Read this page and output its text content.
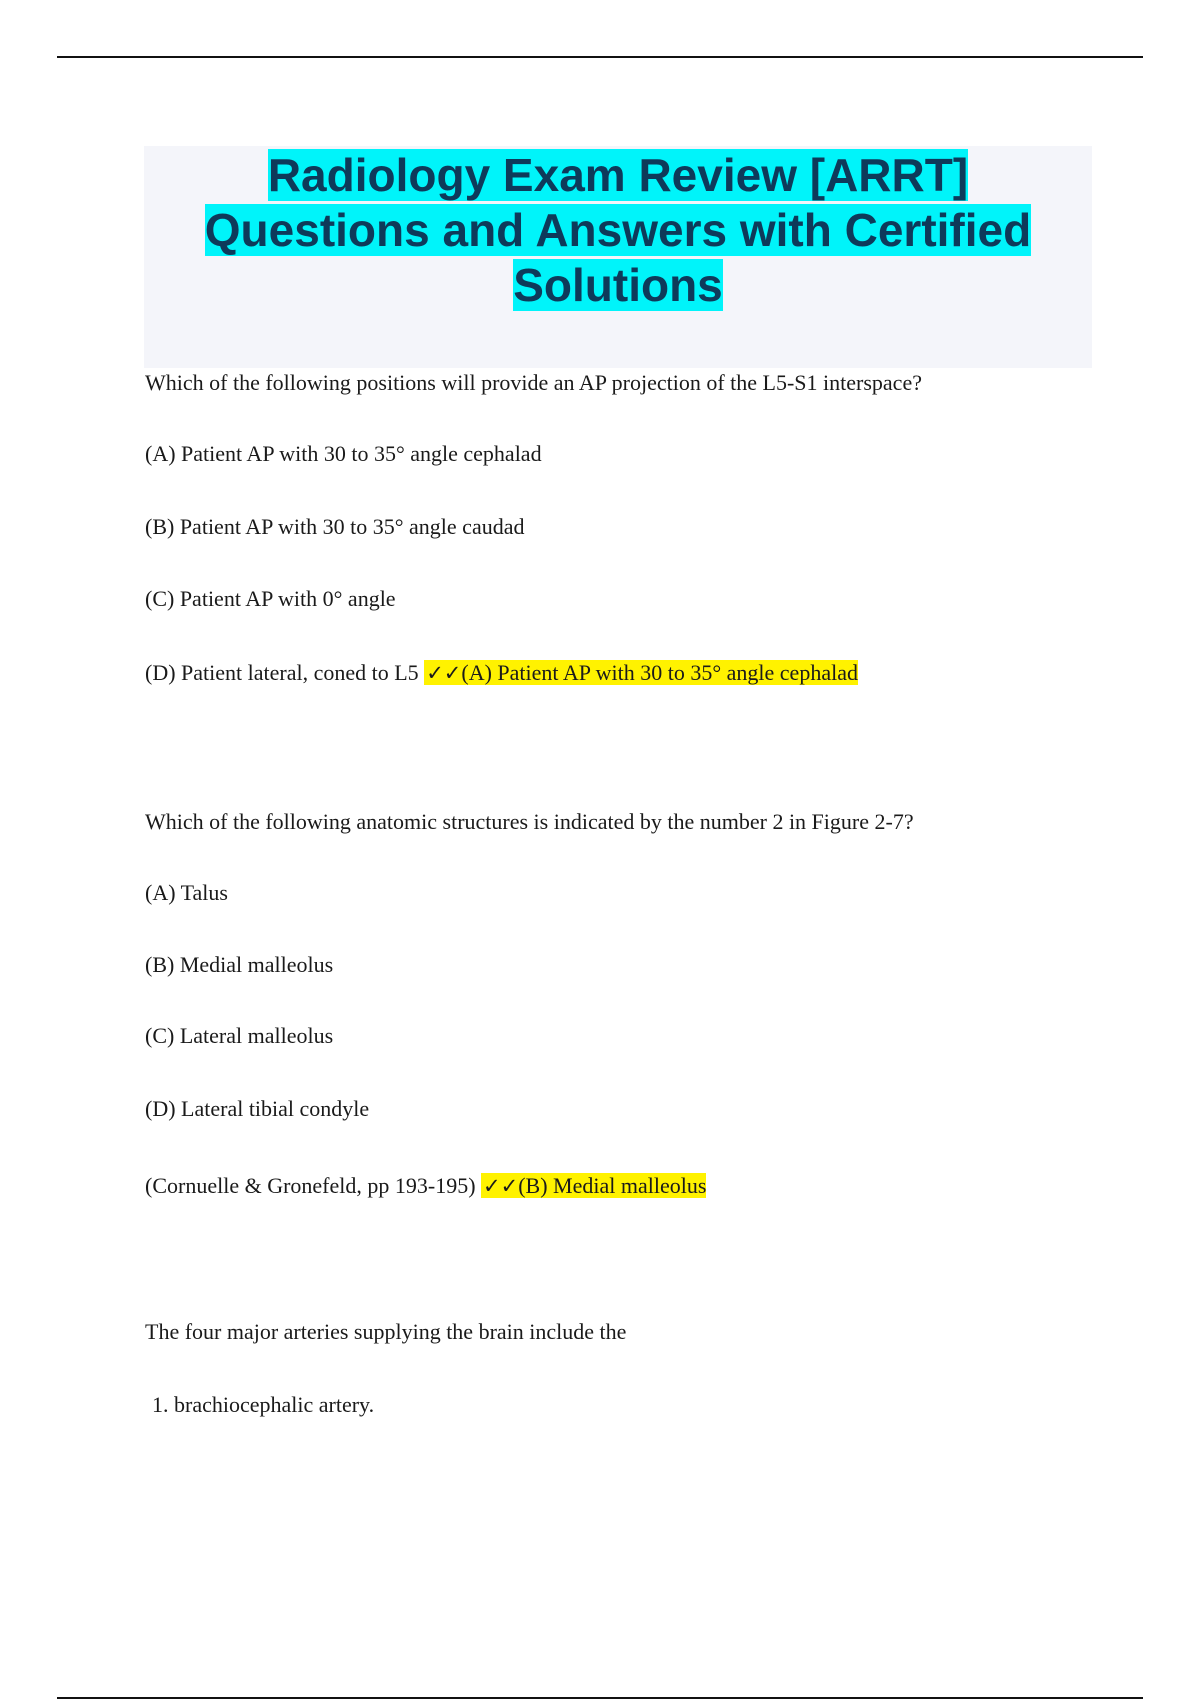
Radiology Exam Review [ARRT]
Questions and Answers with Certified
Solutions

Which of the following positions will provide an AP projection of the L5-S1 interspace?

(A) Patient AP with 30 to 35° angle cephalad

(B) Patient AP with 30 to 35° angle caudad

(C) Patient AP with 0° angle

(D) Patient lateral, coned to L5 ✓✓(A) Patient AP with 30 to 35° angle cephalad

Which of the following anatomic structures is indicated by the number 2 in Figure 2-7?

(A) Talus

(B) Medial malleolus

(C) Lateral malleolus

(D) Lateral tibial condyle

(Cornuelle & Gronefeld, pp 193-195) ✓✓(B) Medial malleolus

The four major arteries supplying the brain include the

1. brachiocephalic artery.
